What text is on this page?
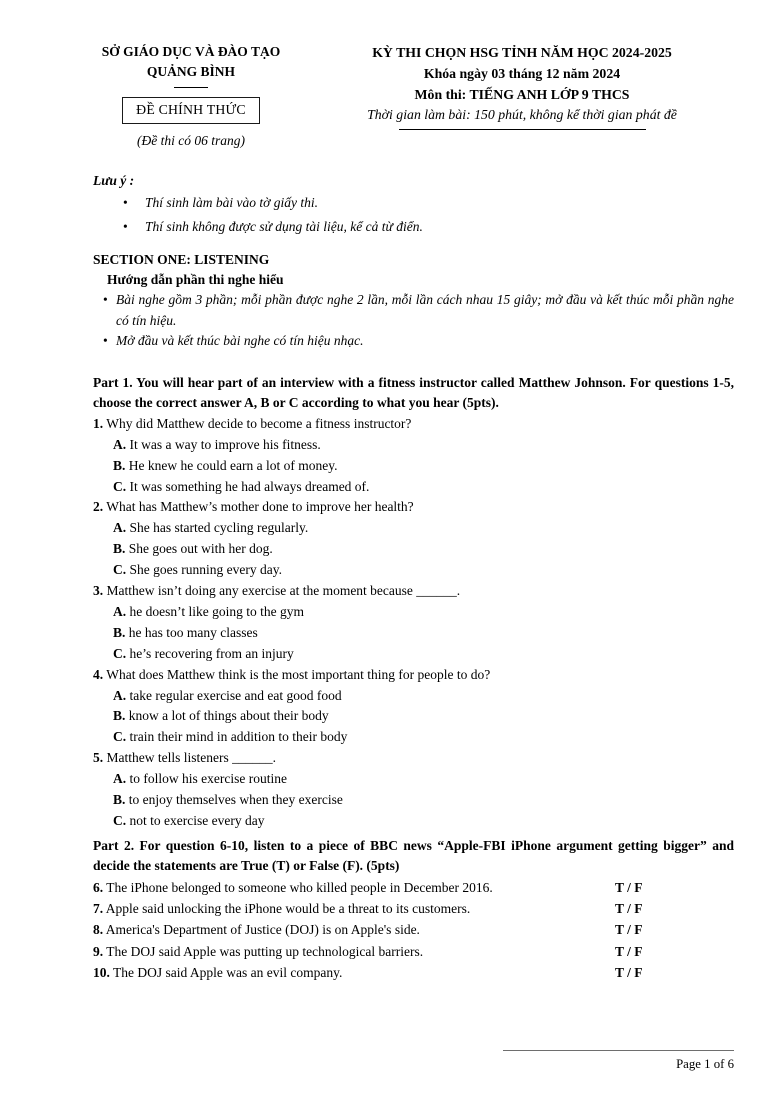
SỞ GIÁO DỤC VÀ ĐÀO TẠO
QUẢNG BÌNH
ĐỀ CHÍNH THỨC
(Đề thi có 06 trang)
KỲ THI CHỌN HSG TỈNH NĂM HỌC 2024-2025
Khóa ngày 03 tháng 12 năm 2024
Môn thi: TIẾNG ANH LỚP 9 THCS
Thời gian làm bài: 150 phút, không kể thời gian phát đề
Lưu ý :
• Thí sinh làm bài vào tờ giấy thi.
• Thí sinh không được sử dụng tài liệu, kể cả từ điển.
SECTION ONE: LISTENING
Hướng dẫn phần thi nghe hiểu
• Bài nghe gồm 3 phần; mỗi phần được nghe 2 lần, mỗi lần cách nhau 15 giây; mở đầu và kết thúc mỗi phần nghe có tín hiệu.
• Mở đầu và kết thúc bài nghe có tín hiệu nhạc.
Part 1. You will hear part of an interview with a fitness instructor called Matthew Johnson. For questions 1-5, choose the correct answer A, B or C according to what you hear (5pts).
1. Why did Matthew decide to become a fitness instructor?
A. It was a way to improve his fitness.
B. He knew he could earn a lot of money.
C. It was something he had always dreamed of.
2. What has Matthew’s mother done to improve her health?
A. She has started cycling regularly.
B. She goes out with her dog.
C. She goes running every day.
3. Matthew isn’t doing any exercise at the moment because ______.
A. he doesn’t like going to the gym
B. he has too many classes
C. he’s recovering from an injury
4. What does Matthew think is the most important thing for people to do?
A. take regular exercise and eat good food
B. know a lot of things about their body
C. train their mind in addition to their body
5. Matthew tells listeners ______.
A. to follow his exercise routine
B. to enjoy themselves when they exercise
C. not to exercise every day
Part 2. For question 6-10, listen to a piece of BBC news “Apple-FBI iPhone argument getting bigger” and decide the statements are True (T) or False (F). (5pts)
6. The iPhone belonged to someone who killed people in December 2016.	T / F
7. Apple said unlocking the iPhone would be a threat to its customers.	T / F
8. America's Department of Justice (DOJ) is on Apple's side.	T / F
9. The DOJ said Apple was putting up technological barriers.	T / F
10. The DOJ said Apple was an evil company.	T / F
Page 1 of 6
